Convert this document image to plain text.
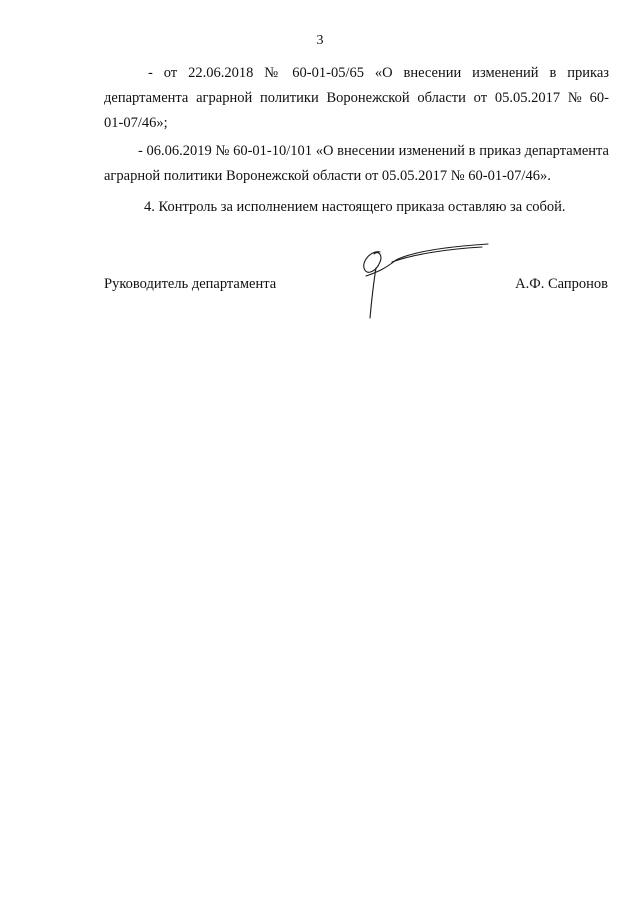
3
- от 22.06.2018 № 60-01-05/65 «О внесении изменений в приказ департамента аграрной политики Воронежской области от 05.05.2017 № 60-01-07/46»;
- 06.06.2019 № 60-01-10/101 «О внесении изменений в приказ департамента аграрной политики Воронежской области от 05.05.2017 № 60-01-07/46».
4. Контроль за исполнением настоящего приказа оставляю за собой.
Руководитель департамента	А.Ф. Сапронов
